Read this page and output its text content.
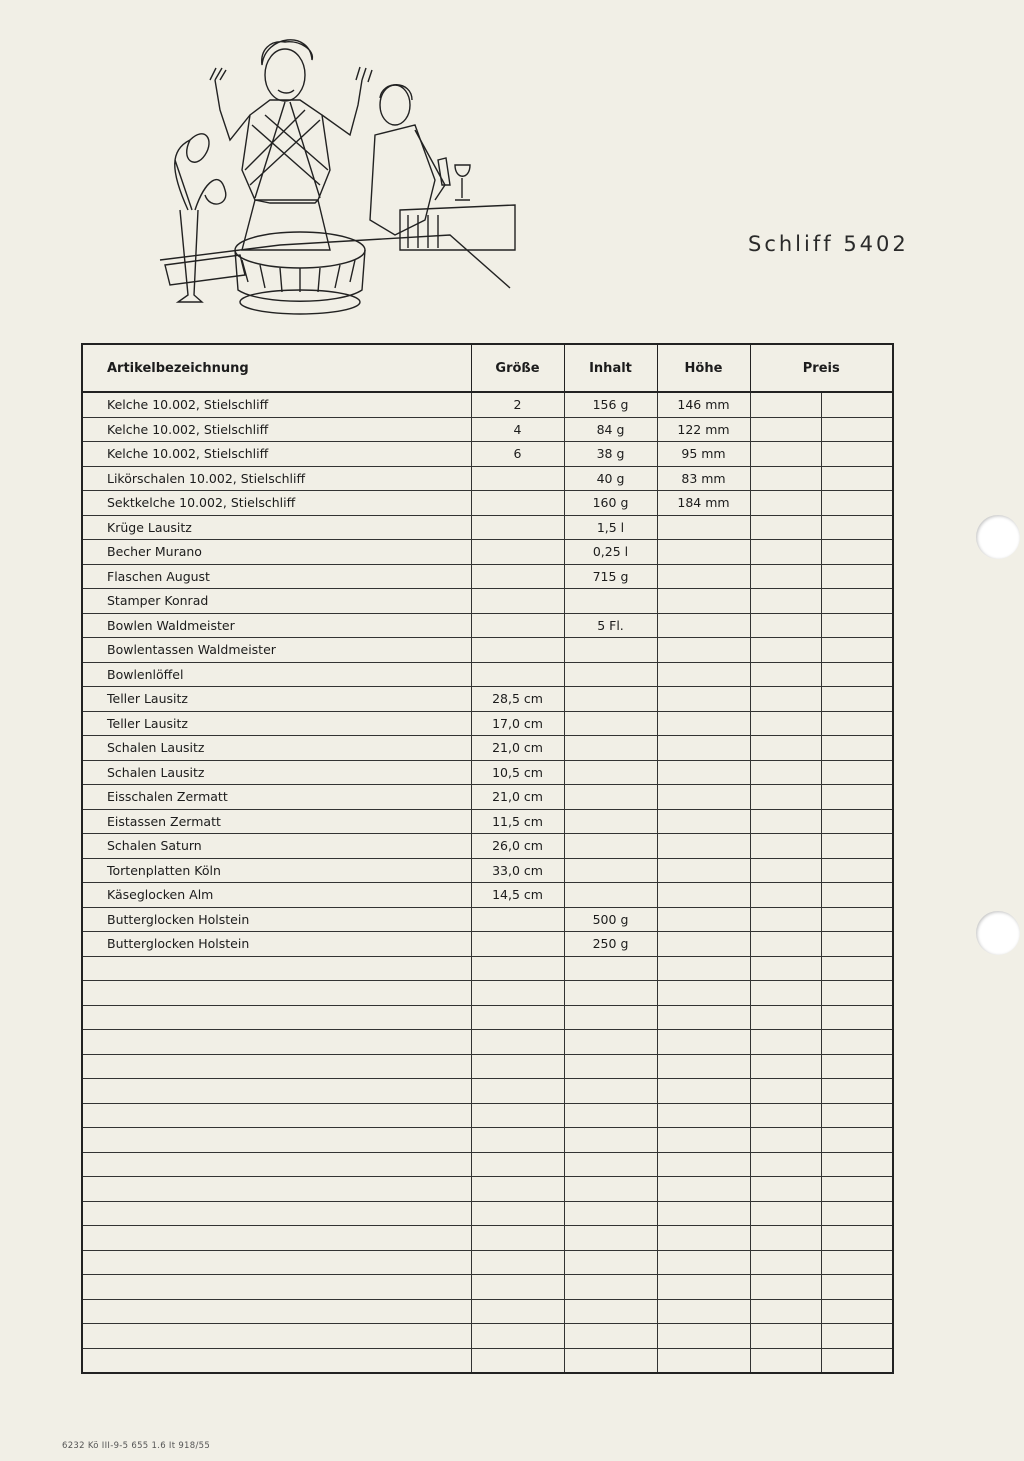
Schliff 5402
Artikelbezeichnung	Größe	Inhalt	Höhe	Preis	
Kelche 10.002, Stielschliff	2	156 g	146 mm		
Kelche 10.002, Stielschliff	4	84 g	122 mm		
Kelche 10.002, Stielschliff	6	38 g	95 mm		
Likörschalen 10.002, Stielschliff		40 g	83 mm		
Sektkelche 10.002, Stielschliff		160 g	184 mm		
Krüge Lausitz		1,5 l			
Becher Murano		0,25 l			
Flaschen August		715 g			
Stamper Konrad					
Bowlen Waldmeister		5 Fl.			
Bowlentassen Waldmeister					
Bowlenlöffel					
Teller Lausitz	28,5 cm				
Teller Lausitz	17,0 cm				
Schalen Lausitz	21,0 cm				
Schalen Lausitz	10,5 cm				
Eisschalen Zermatt	21,0 cm				
Eistassen Zermatt	11,5 cm				
Schalen Saturn	26,0 cm				
Tortenplatten Köln	33,0 cm				
Käseglocken Alm	14,5 cm				
Butterglocken Holstein		500 g			
Butterglocken Holstein		250 g			

6232 Kö III-9-5 655 1.6 It 918/55
